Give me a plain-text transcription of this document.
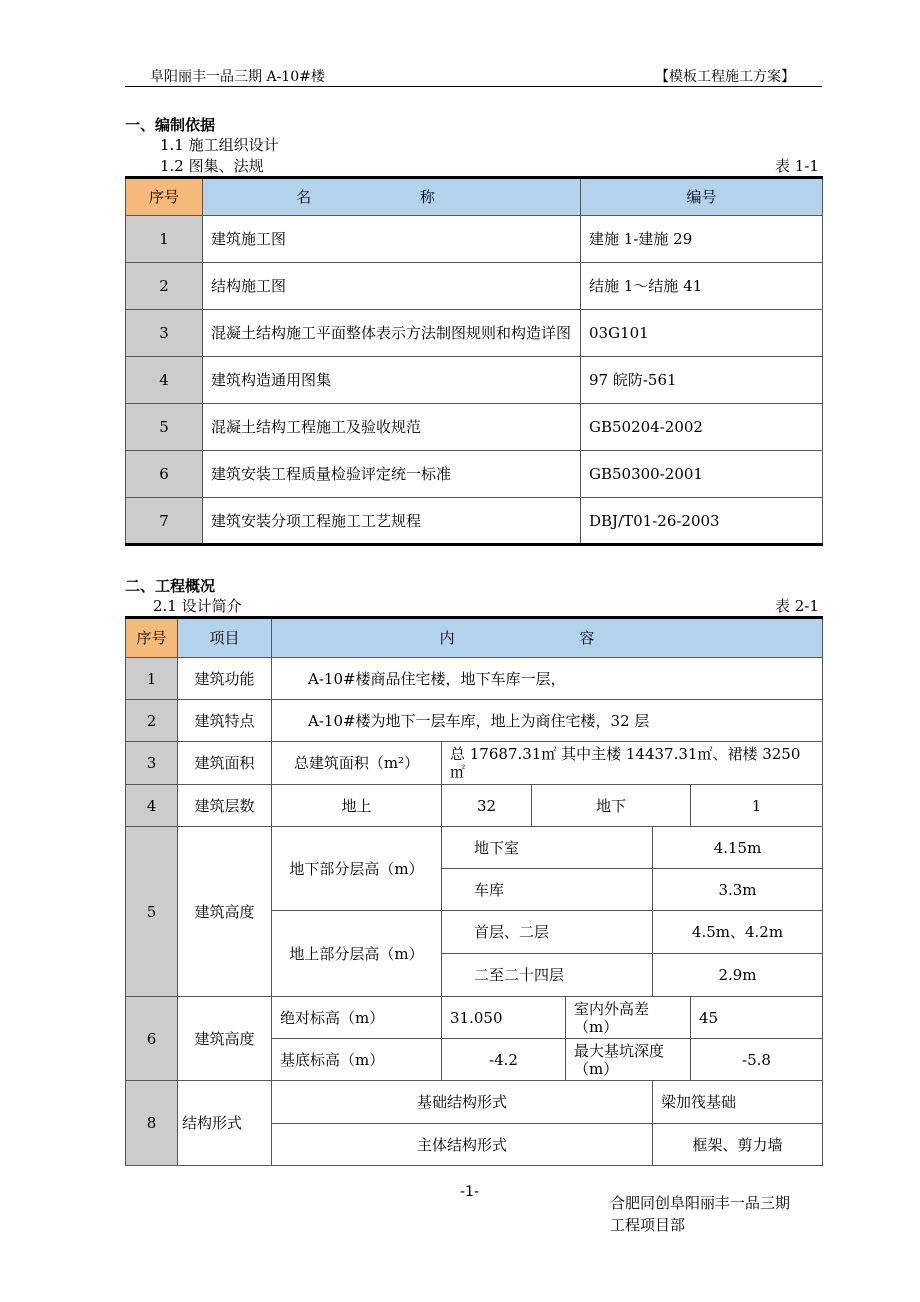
阜阳丽丰一品三期 A-10#楼	【模板工程施工方案】
一、编制依据
1.1 施工组织设计
1.2 图集、法规	表 1-1
序号	名 称	编号
1	建筑施工图	建施 1-建施 29
2	结构施工图	结施 1～结施 41
3	混凝土结构施工平面整体表示方法制图规则和构造详图	03G101
4	建筑构造通用图集	97 皖防-561
5	混凝土结构工程施工及验收规范	GB50204-2002
6	建筑安装工程质量检验评定统一标准	GB50300-2001
7	建筑安装分项工程施工工艺规程	DBJ/T01-26-2003
二、工程概况
2.1 设计简介	表 2-1
序号	项目	内 容					
1	建筑功能	A-10#楼商品住宅楼，地下车库一层，					
2	建筑特点	A-10#楼为地下一层车库，地上为商住宅楼，32 层					
3	建筑面积	总建筑面积（m²）	总 17687.31㎡ 其中主楼 14437.31㎡、裙楼 3250㎡				
4	建筑层数	地上	32	地下			1
5	建筑高度	地下部分层高（m）	地下室			4.15m	
			车库			3.3m	
		地上部分层高（m）	首层、二层			4.5m、4.2m	
			二至二十四层			2.9m	
6	建筑高度	绝对标高（m）	31.050		室内外高差（m）		45
		基底标高（m）	-4.2		最大基坑深度（m）		-5.8
8	结构形式	基础结构形式				梁加筏基础	
		主体结构形式				框架、剪力墙	
-1-
合肥同创阜阳丽丰一品三期
工程项目部
